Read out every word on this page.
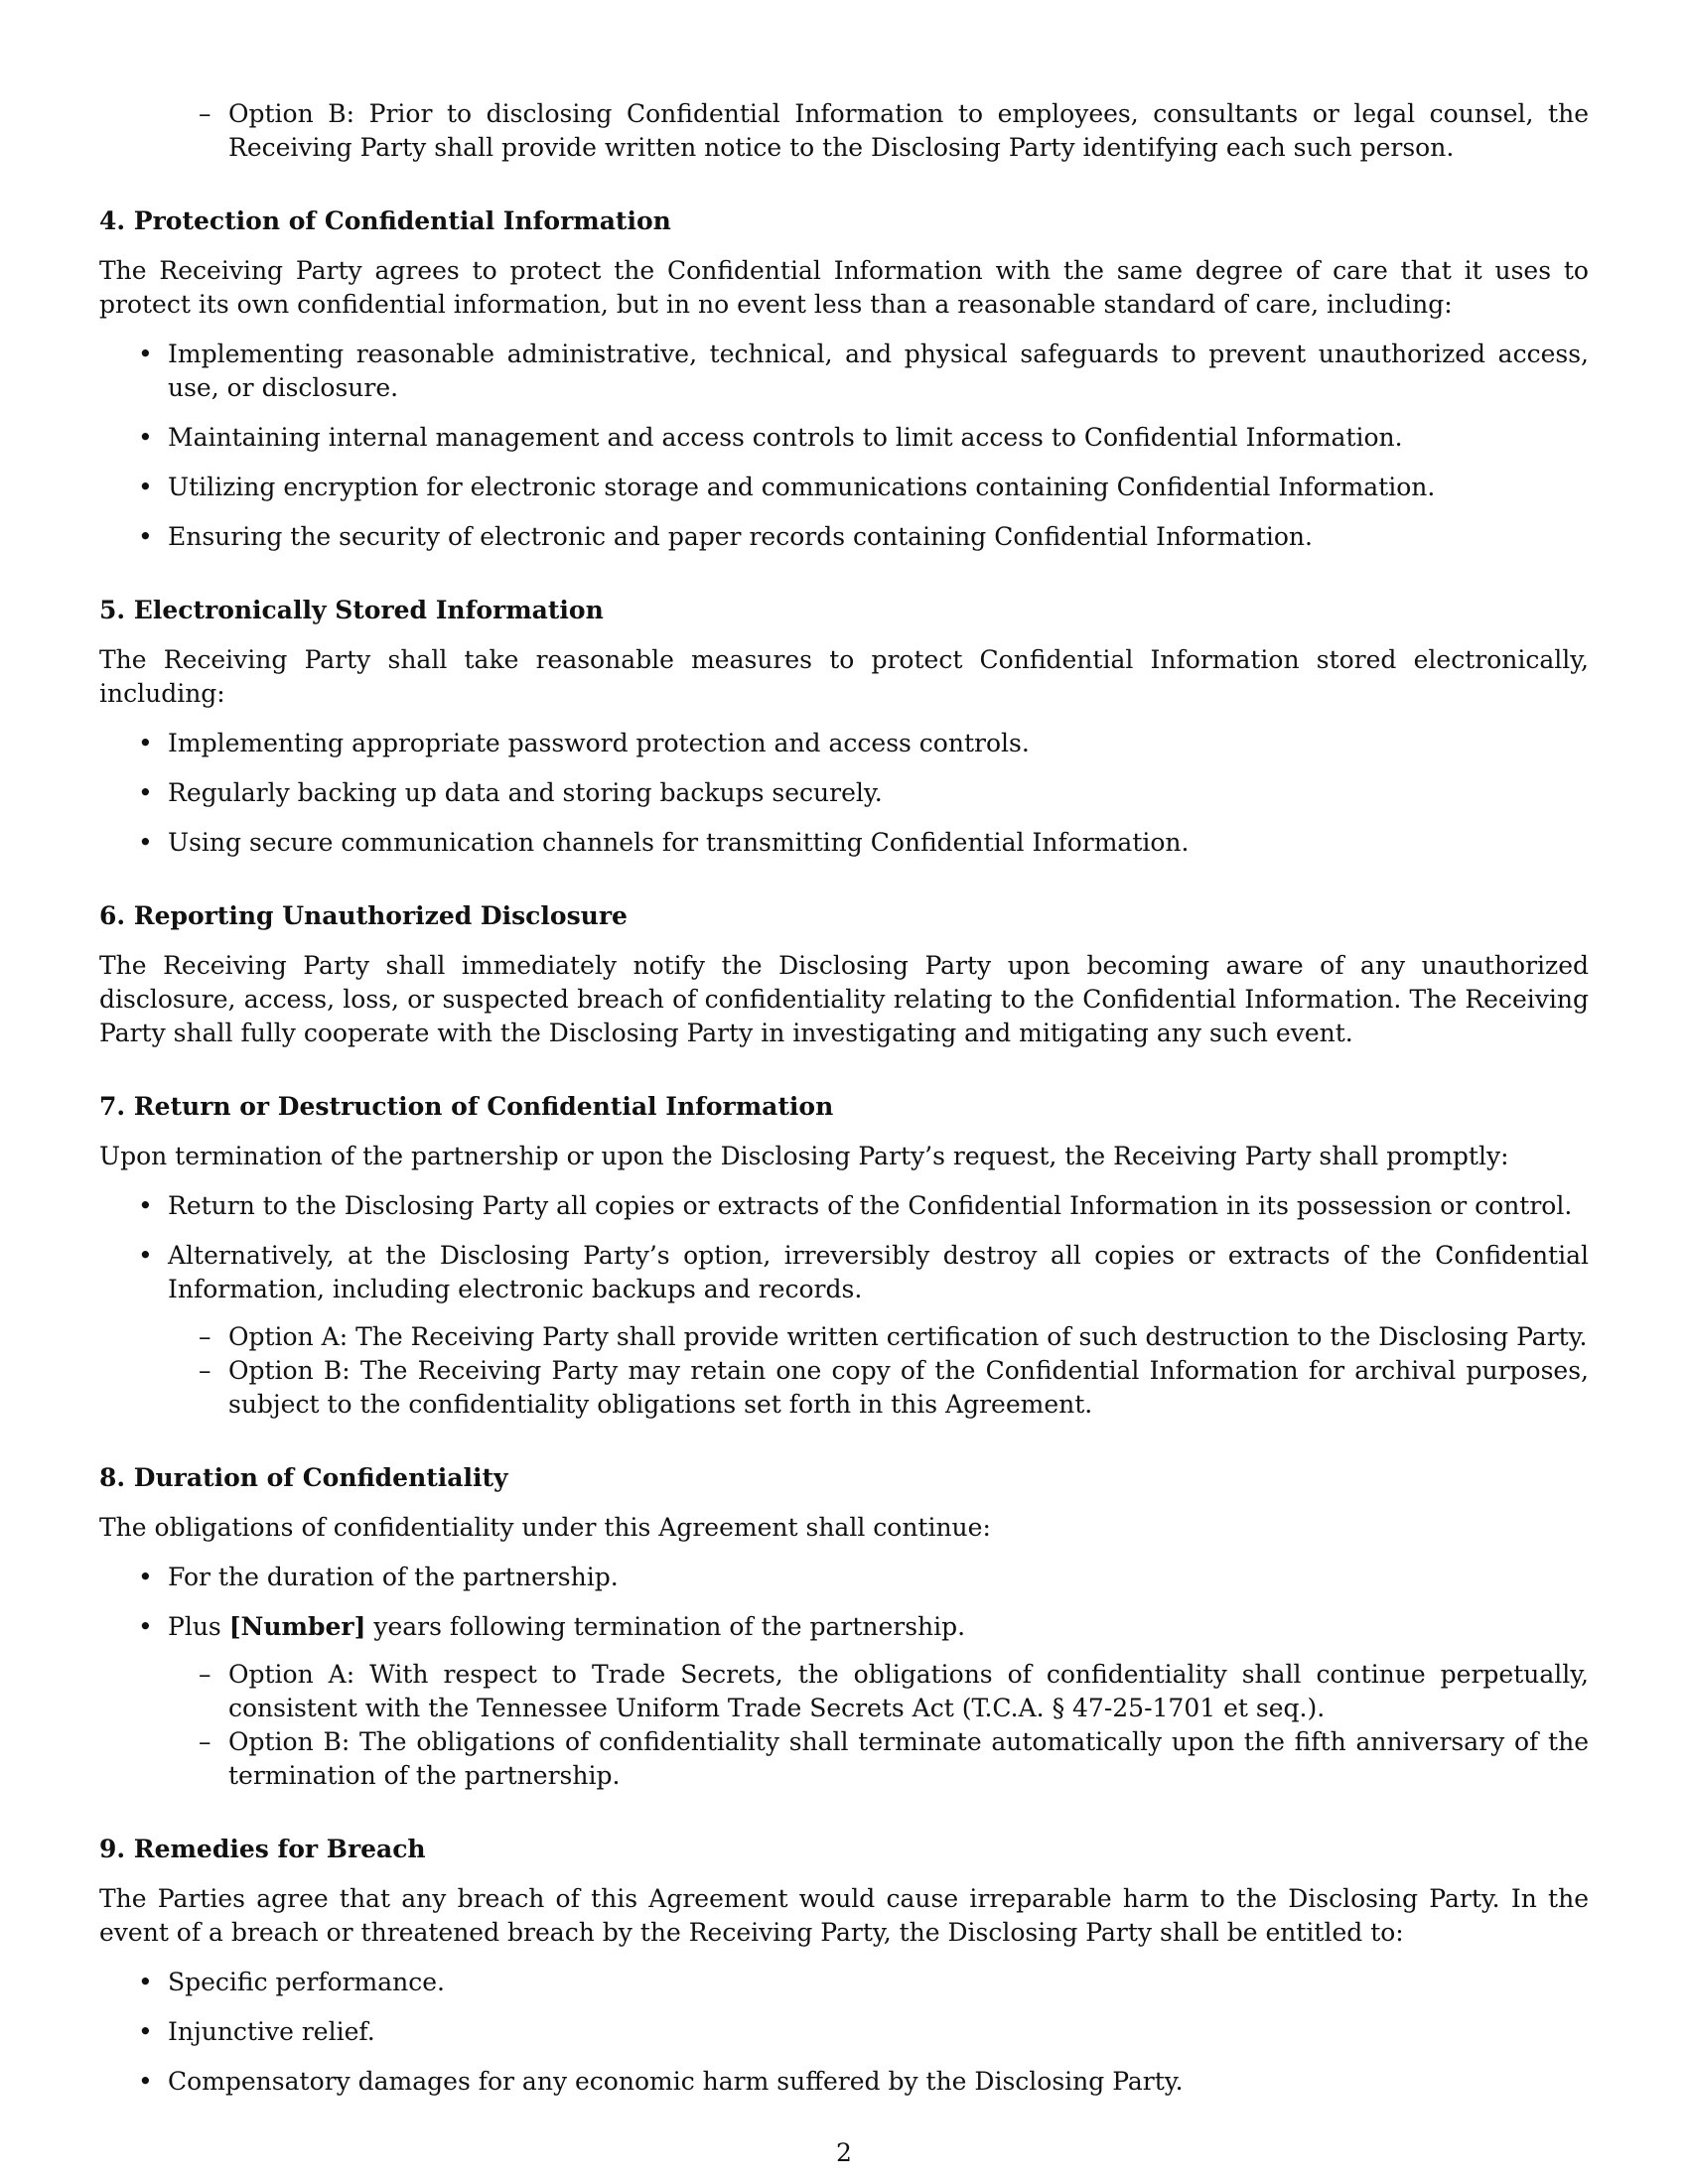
– Option B: Prior to disclosing Confidential Information to employees, consultants or legal counsel, the Receiving Party shall provide written notice to the Disclosing Party identifying each such person.
4. Protection of Confidential Information

The Receiving Party agrees to protect the Confidential Information with the same degree of care that it uses to protect its own confidential information, but in no event less than a reasonable standard of care, including:

• Implementing reasonable administrative, technical, and physical safeguards to prevent unauthorized access, use, or disclosure.
• Maintaining internal management and access controls to limit access to Confidential Information.
• Utilizing encryption for electronic storage and communications containing Confidential Information.
• Ensuring the security of electronic and paper records containing Confidential Information.
5. Electronically Stored Information

The Receiving Party shall take reasonable measures to protect Confidential Information stored electronically, including:

• Implementing appropriate password protection and access controls.
• Regularly backing up data and storing backups securely.
• Using secure communication channels for transmitting Confidential Information.
6. Reporting Unauthorized Disclosure

The Receiving Party shall immediately notify the Disclosing Party upon becoming aware of any unauthorized disclosure, access, loss, or suspected breach of confidentiality relating to the Confidential Information. The Receiving Party shall fully cooperate with the Disclosing Party in investigating and mitigating any such event.

7. Return or Destruction of Confidential Information

Upon termination of the partnership or upon the Disclosing Party’s request, the Receiving Party shall promptly:

• Return to the Disclosing Party all copies or extracts of the Confidential Information in its possession or control.
• Alternatively, at the Disclosing Party’s option, irreversibly destroy all copies or extracts of the Confidential Information, including electronic backups and records.
– Option A: The Receiving Party shall provide written certification of such destruction to the Disclosing Party.
– Option B: The Receiving Party may retain one copy of the Confidential Information for archival purposes, subject to the confidentiality obligations set forth in this Agreement.
8. Duration of Confidentiality

The obligations of confidentiality under this Agreement shall continue:

• For the duration of the partnership.
• Plus [Number] years following termination of the partnership.
– Option A: With respect to Trade Secrets, the obligations of confidentiality shall continue perpetually, consistent with the Tennessee Uniform Trade Secrets Act (T.C.A. § 47-25-1701 et seq.).
– Option B: The obligations of confidentiality shall terminate automatically upon the fifth anniversary of the termination of the partnership.
9. Remedies for Breach

The Parties agree that any breach of this Agreement would cause irreparable harm to the Disclosing Party. In the event of a breach or threatened breach by the Receiving Party, the Disclosing Party shall be entitled to:

• Specific performance.
• Injunctive relief.
• Compensatory damages for any economic harm suffered by the Disclosing Party.
2
